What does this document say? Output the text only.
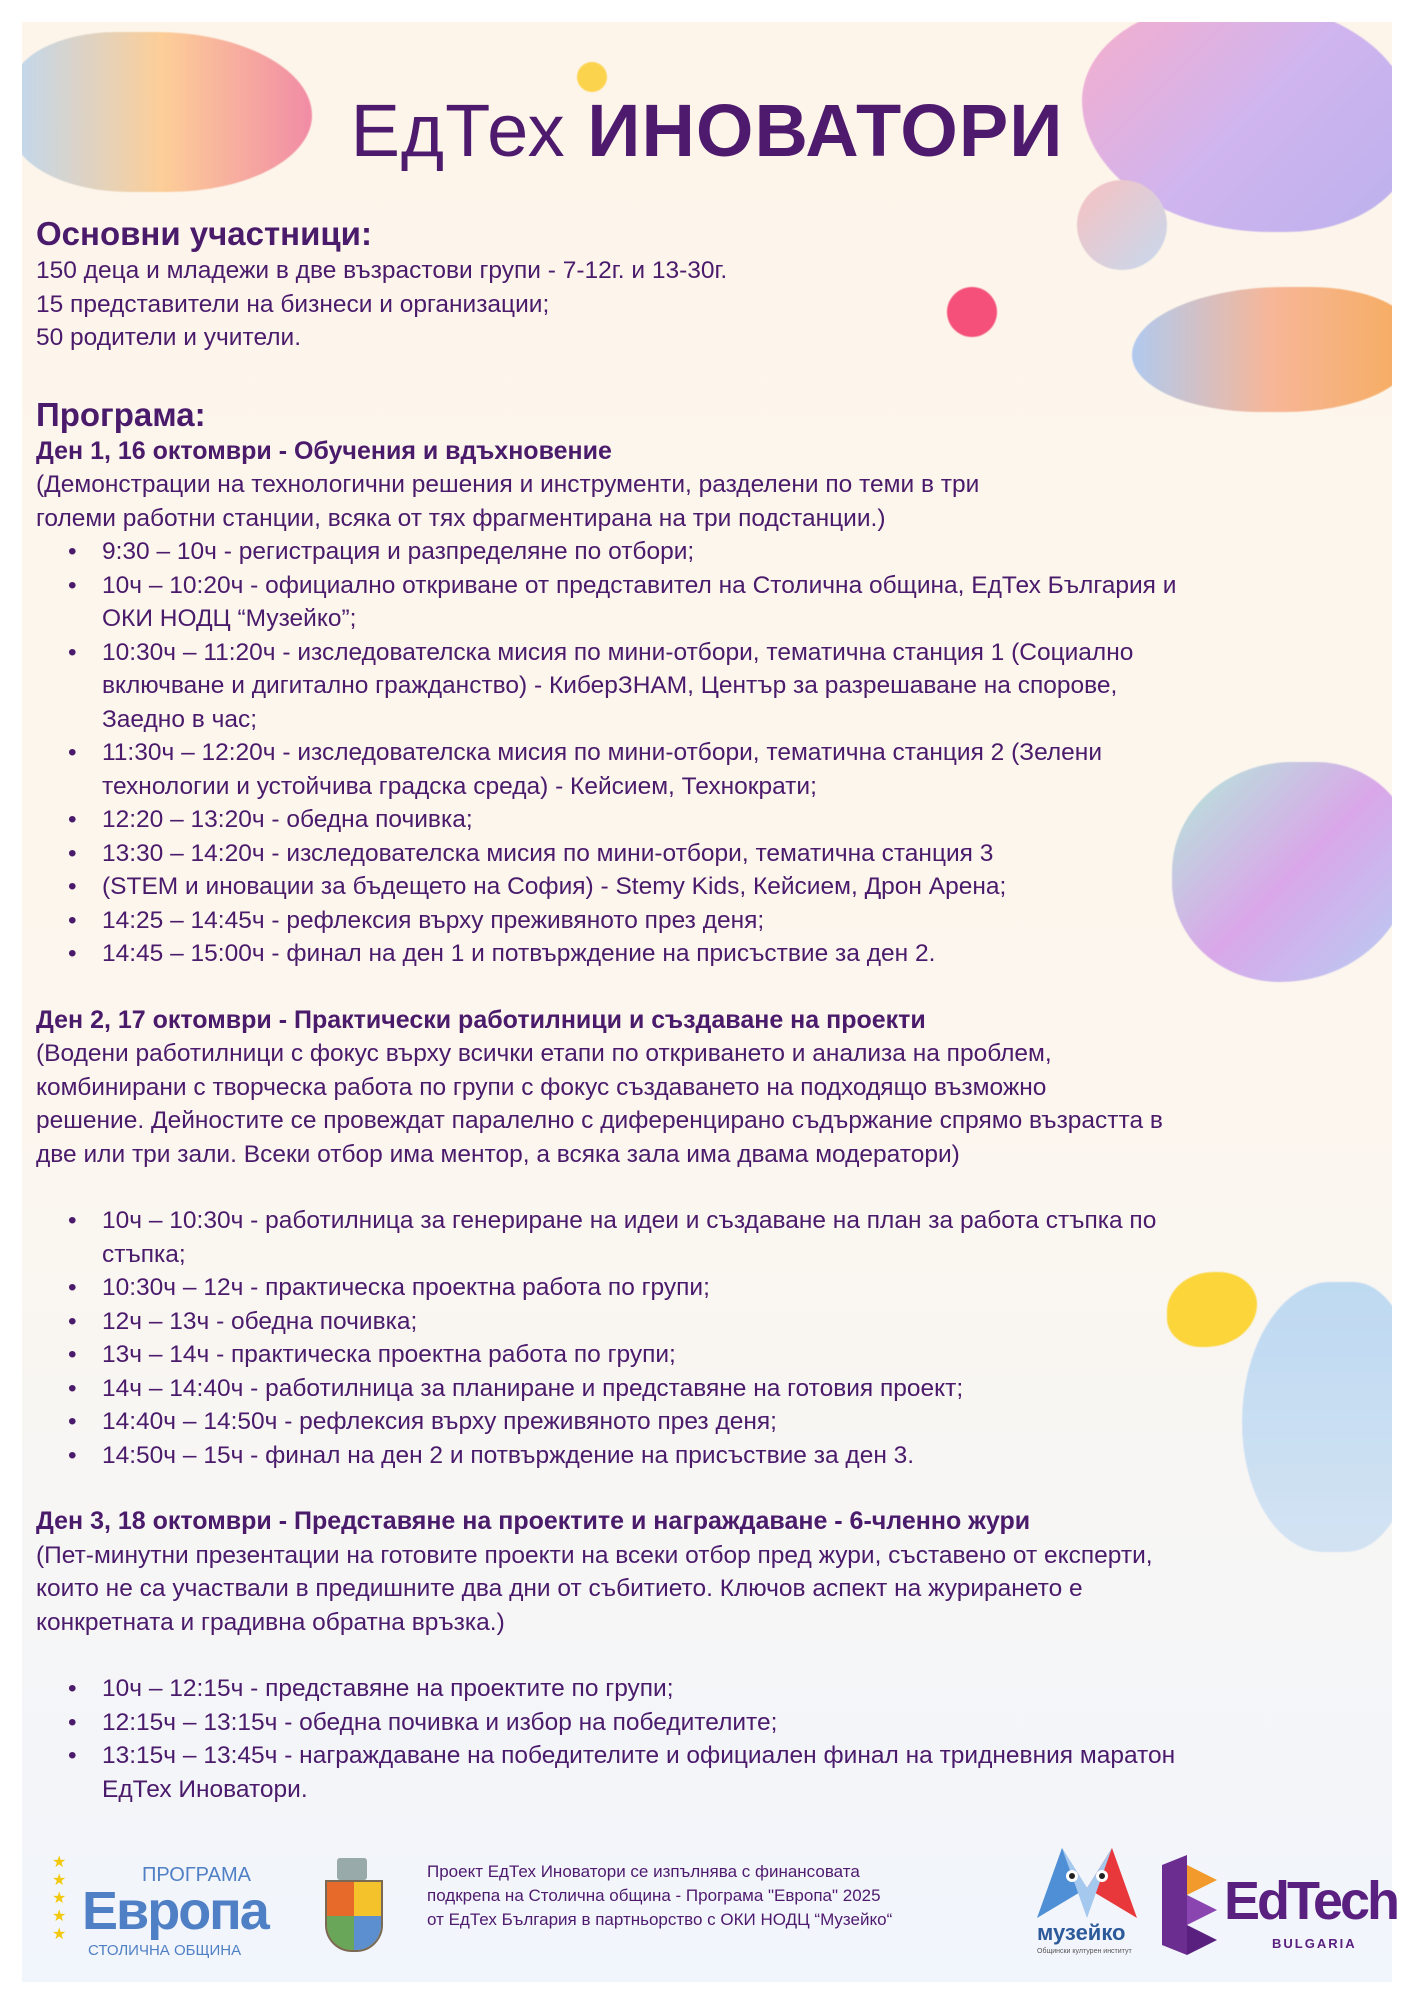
ЕдТех ИНОВАТОРИ
Основни участници:
150 деца и младежи в две възрастови групи - 7-12г. и 13-30г.
15 представители на бизнеси и организации;
50 родители и учители.
Програма:
Ден 1, 16 октомври - Обучения и вдъхновение
(Демонстрации на технологични решения и инструменти, разделени по теми в три
големи работни станции, всяка от тях фрагментирана на три подстанции.)
• 9:30 – 10ч - регистрация и разпределяне по отбори;
• 10ч – 10:20ч - официално откриване от представител на Столична община, ЕдТех България и
ОКИ НОДЦ “Музейко”;
• 10:30ч – 11:20ч - изследователска мисия по мини-отбори, тематична станция 1 (Социално
включване и дигитално гражданство) - КиберЗНАМ, Център за разрешаване на спорове,
Заедно в час;
• 11:30ч – 12:20ч - изследователска мисия по мини-отбори, тематична станция 2 (Зелени
технологии и устойчива градска среда) - Кейсием, Технократи;
• 12:20 – 13:20ч - обедна почивка;
• 13:30 – 14:20ч - изследователска мисия по мини-отбори, тематична станция 3
• (STEM и иновации за бъдещето на София) - Stemy Kids, Кейсием, Дрон Арена;
• 14:25 – 14:45ч - рефлексия върху преживяното през деня;
• 14:45 – 15:00ч - финал на ден 1 и потвърждение на присъствие за ден 2.
Ден 2, 17 октомври - Практически работилници и създаване на проекти
(Водени работилници с фокус върху всички етапи по откриването и анализа на проблем,
комбинирани с творческа работа по групи с фокус създаването на подходящо възможно
решение. Дейностите се провеждат паралелно с диференцирано съдържание спрямо възрастта в
две или три зали. Всеки отбор има ментор, а всяка зала има двама модератори)
• 10ч – 10:30ч - работилница за генериране на идеи и създаване на план за работа стъпка по
стъпка;
• 10:30ч – 12ч - практическа проектна работа по групи;
• 12ч – 13ч - обедна почивка;
• 13ч – 14ч - практическа проектна работа по групи;
• 14ч – 14:40ч - работилница за планиране и представяне на готовия проект;
• 14:40ч – 14:50ч - рефлексия върху преживяното през деня;
• 14:50ч – 15ч - финал на ден 2 и потвърждение на присъствие за ден 3.
Ден 3, 18 октомври - Представяне на проектите и награждаване - 6-членно жури
(Пет-минутни презентации на готовите проекти на всеки отбор пред жури, съставено от експерти,
които не са участвали в предишните два дни от събитието. Ключов аспект на журирането е
конкретната и градивна обратна връзка.)
• 10ч – 12:15ч - представяне на проектите по групи;
• 12:15ч – 13:15ч - обедна почивка и избор на победителите;
• 13:15ч – 13:45ч - награждаване на победителите и официален финал на тридневния маратон
ЕдТех Иноватори.
★
★
★
★
★
ПРОГРАМА
Европа
СТОЛИЧНА ОБЩИНА
Проект ЕдТех Иноватори се изпълнява с финансовата
подкрепа на Столична община - Програма "Европа" 2025
от ЕдТех България в партньорство с ОКИ НОДЦ “Музейко“
музейко
Общински културен институт
EdTech
BULGARIA
